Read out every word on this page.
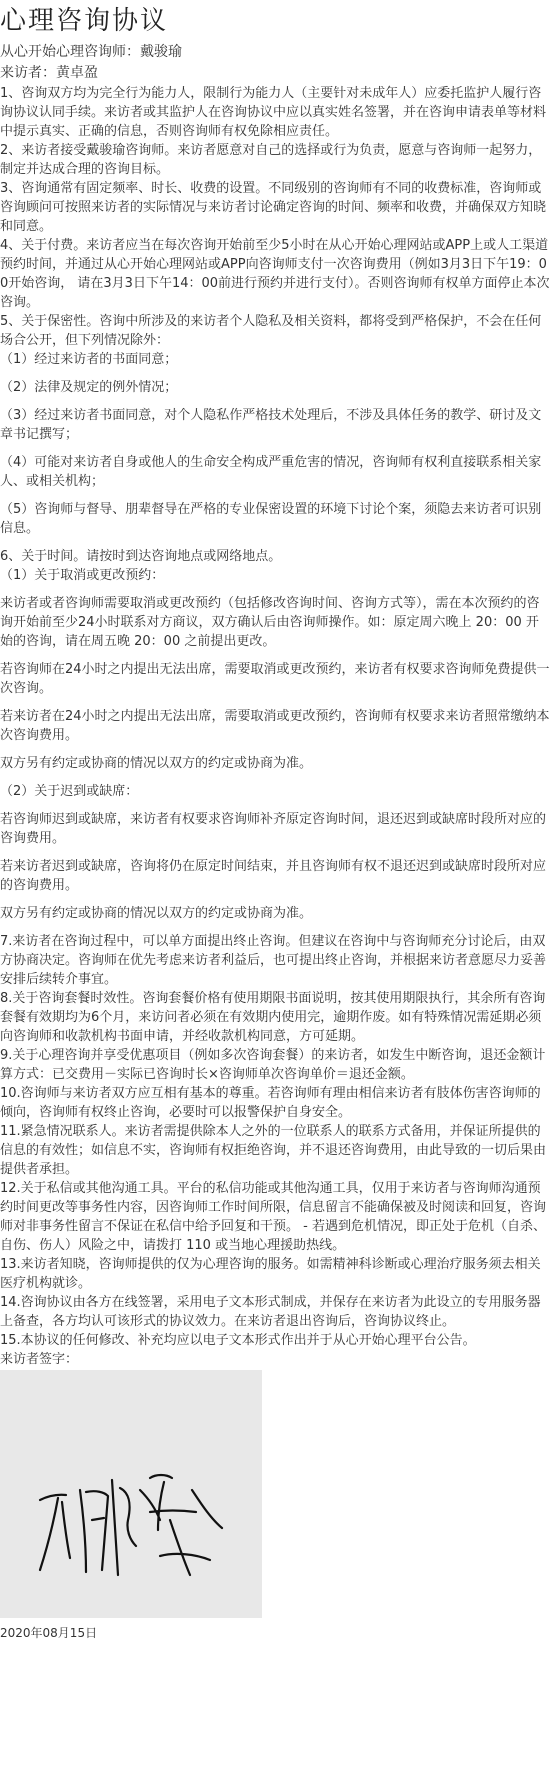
心理咨询协议
从心开始心理咨询师：戴骏瑜
来访者：黄卓盈

1、咨询双方均为完全行为能力人，限制行为能力人（主要针对未成年人）应委托监护人履行咨询协议认同手续。来访者或其监护人在咨询协议中应以真实姓名签署，并在咨询申请表单等材料中提示真实、正确的信息，否则咨询师有权免除相应责任。

2、来访者接受戴骏瑜咨询师。来访者愿意对自己的选择或行为负责，愿意与咨询师一起努力，制定并达成合理的咨询目标。

3、咨询通常有固定频率、时长、收费的设置。不同级别的咨询师有不同的收费标准，咨询师或咨询顾问可按照来访者的实际情况与来访者讨论确定咨询的时间、频率和收费，并确保双方知晓和同意。

4、关于付费。来访者应当在每次咨询开始前至少5小时在从心开始心理网站或APP上或人工渠道预约时间，并通过从心开始心理网站或APP向咨询师支付一次咨询费用（例如3月3日下午19：00开始咨询， 请在3月3日下午14：00前进行预约并进行支付）。否则咨询师有权单方面停止本次咨询。

5、关于保密性。咨询中所涉及的来访者个人隐私及相关资料，都将受到严格保护，不会在任何场合公开，但下列情况除外：

（1）经过来访者的书面同意；

（2）法律及规定的例外情况；

（3）经过来访者书面同意，对个人隐私作严格技术处理后，不涉及具体任务的教学、研讨及文章书记撰写；

（4）可能对来访者自身或他人的生命安全构成严重危害的情况，咨询师有权利直接联系相关家人、或相关机构；

（5）咨询师与督导、朋辈督导在严格的专业保密设置的环境下讨论个案，须隐去来访者可识别信息。

6、关于时间。请按时到达咨询地点或网络地点。

（1）关于取消或更改预约：

来访者或者咨询师需要取消或更改预约（包括修改咨询时间、咨询方式等），需在本次预约的咨询开始前至少24小时联系对方商议，双方确认后由咨询师操作。如：原定周六晚上 20：00 开始的咨询，请在周五晚 20：00 之前提出更改。

若咨询师在24小时之内提出无法出席，需要取消或更改预约，来访者有权要求咨询师免费提供一次咨询。

若来访者在24小时之内提出无法出席，需要取消或更改预约，咨询师有权要求来访者照常缴纳本次咨询费用。

双方另有约定或协商的情况以双方的约定或协商为准。

（2）关于迟到或缺席：

若咨询师迟到或缺席，来访者有权要求咨询师补齐原定咨询时间，退还迟到或缺席时段所对应的咨询费用。

若来访者迟到或缺席，咨询将仍在原定时间结束，并且咨询师有权不退还迟到或缺席时段所对应的咨询费用。

双方另有约定或协商的情况以双方的约定或协商为准。

7.来访者在咨询过程中，可以单方面提出终止咨询。但建议在咨询中与咨询师充分讨论后，由双方协商决定。咨询师在优先考虑来访者利益后，也可提出终止咨询，并根据来访者意愿尽力妥善安排后续转介事宜。

8.关于咨询套餐时效性。咨询套餐价格有使用期限书面说明，按其使用期限执行，其余所有咨询套餐有效期均为6个月，来访问者必须在有效期内使用完，逾期作废。如有特殊情况需延期必须向咨询师和收款机构书面申请，并经收款机构同意，方可延期。

9.关于心理咨询并享受优惠项目（例如多次咨询套餐）的来访者，如发生中断咨询，退还金额计算方式：已交费用－实际已咨询时长×咨询师单次咨询单价＝退还金额。

10.咨询师与来访者双方应互相有基本的尊重。若咨询师有理由相信来访者有肢体伤害咨询师的倾向，咨询师有权终止咨询，必要时可以报警保护自身安全。

11.紧急情况联系人。来访者需提供除本人之外的一位联系人的联系方式备用，并保证所提供的信息的有效性；如信息不实，咨询师有权拒绝咨询，并不退还咨询费用，由此导致的一切后果由提供者承担。

12.关于私信或其他沟通工具。平台的私信功能或其他沟通工具，仅用于来访者与咨询师沟通预约时间更改等事务性内容，因咨询师工作时间所限，信息留言不能确保被及时阅读和回复，咨询师对非事务性留言不保证在私信中给予回复和干预。 - 若遇到危机情况，即正处于危机（自杀、自伤、伤人）风险之中，请拨打 110 或当地心理援助热线。

13.来访者知晓，咨询师提供的仅为心理咨询的服务。如需精神科诊断或心理治疗服务须去相关医疗机构就诊。

14.咨询协议由各方在线签署，采用电子文本形式制成，并保存在来访者为此设立的专用服务器上备查，各方均认可该形式的协议效力。在来访者退出咨询后，咨询协议终止。

15.本协议的任何修改、补充均应以电子文本形式作出并于从心开始心理平台公告。

来访者签字：
2020年08月15日
